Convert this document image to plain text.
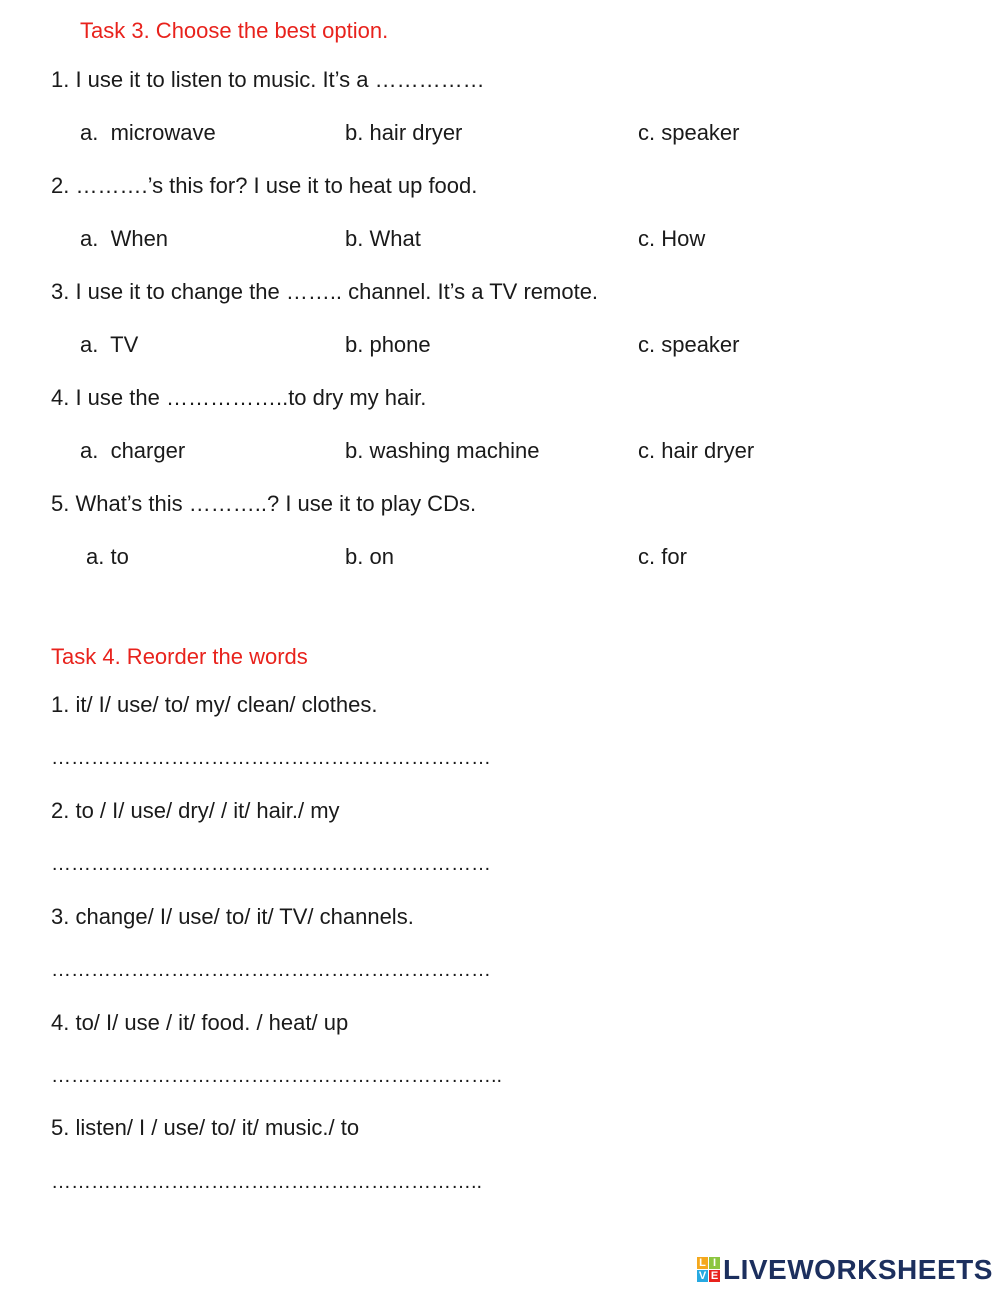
Task 3. Choose the best option.
1. I use it to listen to music. It’s a ……………
a.  microwave	b. hair dryer	c. speaker
2. ……….’s this for? I use it to heat up food.
a.  When	b. What	c. How
3. I use it to change the …….. channel. It’s a TV remote.
a.  TV	b. phone	c. speaker
4. I use the ……………..to dry my hair.
a.  charger	b. washing machine	c. hair dryer
5. What’s this ………..? I use it to play CDs.
a. to	b. on	c. for
Task 4. Reorder the words
1. it/ I/ use/ to/ my/ clean/ clothes.
…………………………………………………………
2. to / I/ use/ dry/ / it/ hair./ my
…………………………………………………………
3. change/ I/ use/ to/ it/ TV/ channels.
…………………………………………………………
4. to/ I/ use / it/ food. / heat/ up
…………………………………………………………..
5. listen/ I / use/ to/ it/ music./ to
………………………………………………………..
L I
V E LIVEWORKSHEETS
